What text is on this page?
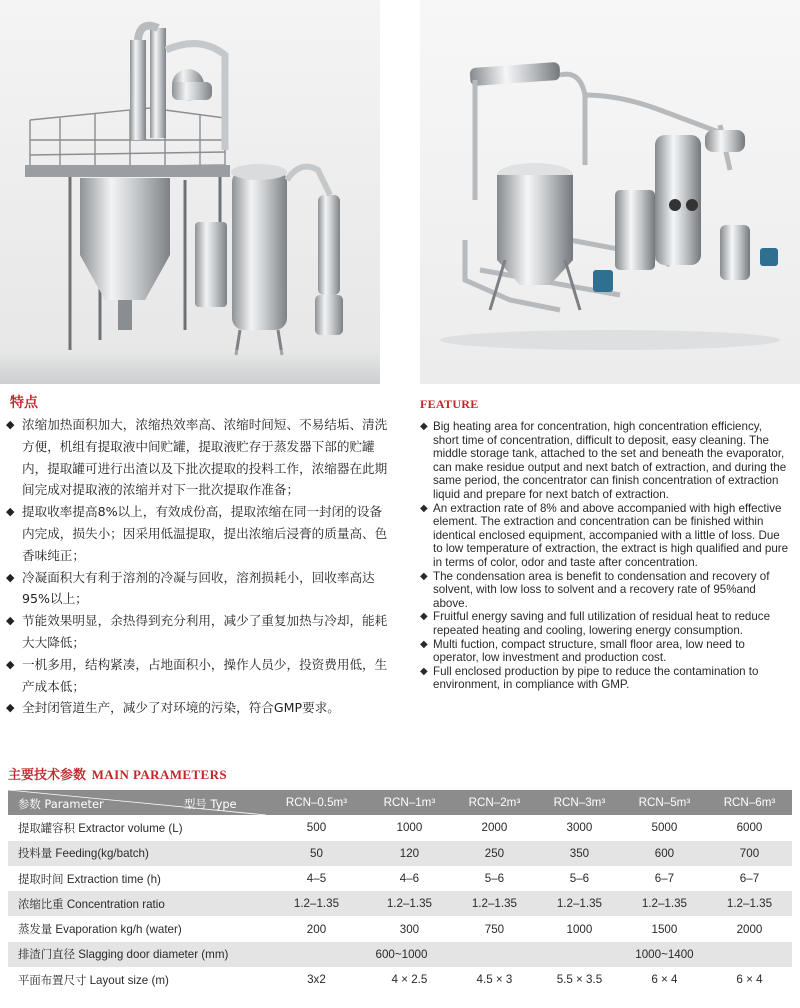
特点
◆ 浓缩加热面积加大，浓缩热效率高、浓缩时间短、不易结垢、清洗方便，机组有提取液中间贮罐，提取液贮存于蒸发器下部的贮罐内，提取罐可进行出渣以及下批次提取的投料工作，浓缩器在此期间完成对提取液的浓缩并对下一批次提取作准备；
◆ 提取收率提高8%以上，有效成份高，提取浓缩在同一封闭的设备内完成，损失小；因采用低温提取，提出浓缩后浸膏的质量高、色香味纯正；
◆ 冷凝面积大有利于溶剂的冷凝与回收，溶剂损耗小，回收率高达95%以上；
◆ 节能效果明显，余热得到充分利用，减少了重复加热与冷却，能耗大大降低；
◆ 一机多用，结构紧凑，占地面积小，操作人员少，投资费用低，生产成本低；
◆ 全封闭管道生产，减少了对环境的污染，符合GMP要求。
FEATURE
◆ Big heating area for concentration, high concentration efficiency, short time of concentration, difficult to deposit, easy cleaning. The middle storage tank, attached to the set and beneath the evaporator, can make residue output and next batch of extraction, and during the same period, the concentrator can finish concentration of extraction liquid and prepare for next batch of extraction.
◆ An extraction rate of 8% and above accompanied with high effective element. The extraction and concentration can be finished within identical enclosed equipment, accompanied with a little of loss. Due to low temperature of extraction, the extract is high qualified and pure in terms of color, odor and taste after concentration.
◆ The condensation area is benefit to condensation and recovery of solvent, with low loss to solvent and a recovery rate of 95%and above.
◆ Fruitful energy saving and full utilization of residual heat to reduce repeated heating and cooling, lowering energy consumption.
◆ Multi fuction, compact structure, small floor area, low need to operator, low investment and production cost.
◆ Full enclosed production by pipe to reduce the contamination to environment, in compliance with GMP.
主要技术参数 MAIN PARAMETERS
参数 Parameter 型号 Type	RCN–0.5m³	RCN–1m³	RCN–2m³	RCN–3m³	RCN–5m³	RCN–6m³
提取罐容积 Extractor volume (L)	500	1000	2000	3000	5000	6000
投料量 Feeding(kg/batch)	50	120	250	350	600	700
提取时间 Extraction time (h)	4–5	4–6	5–6	5–6	6–7	6–7
浓缩比重 Concentration ratio	1.2–1.35	1.2–1.35	1.2–1.35	1.2–1.35	1.2–1.35	1.2–1.35
蒸发量 Evaporation kg/h (water)	200	300	750	1000	1500	2000
排渣门直径 Slagging door diameter (mm)	600~1000			1000~1400		
平面布置尺寸 Layout size (m)	3x2	4 × 2.5	4.5 × 3	5.5 × 3.5	6 × 4	6 × 4
